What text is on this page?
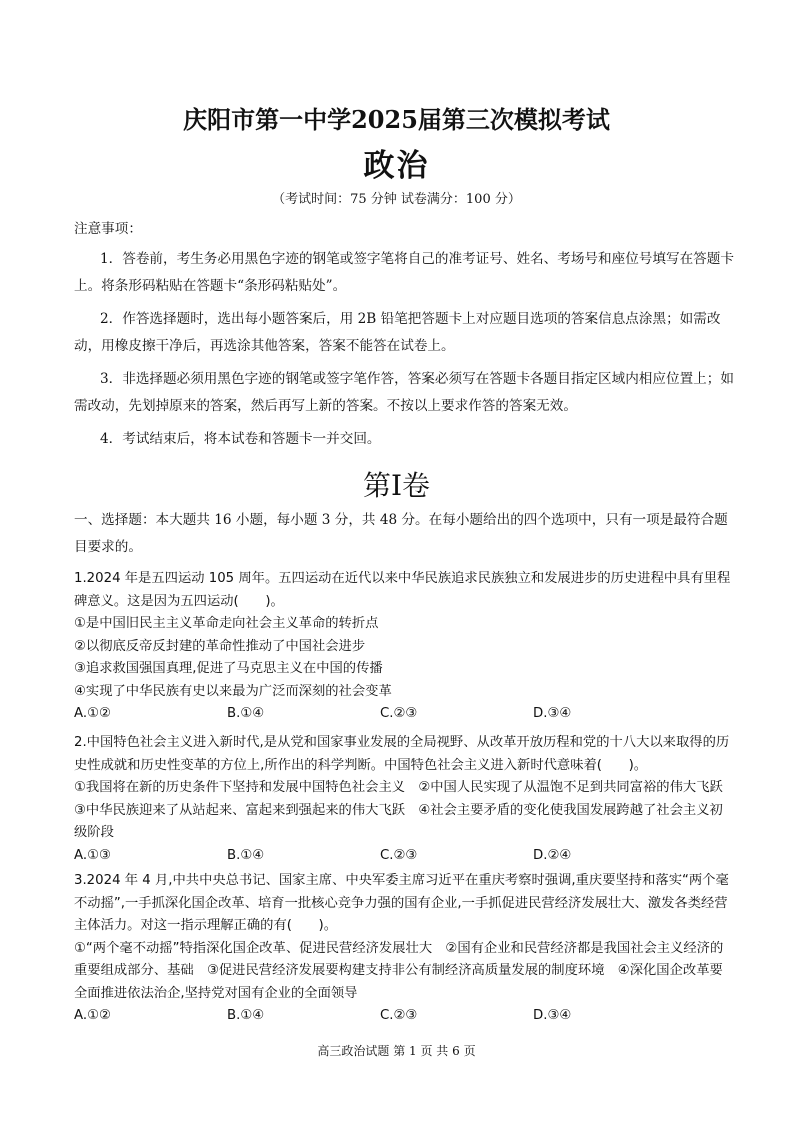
庆阳市第一中学2025届第三次模拟考试
政治
（考试时间：75 分钟 试卷满分：100 分）

注意事项：

1．答卷前，考生务必用黑色字迹的钢笔或签字笔将自己的准考证号、姓名、考场号和座位号填写在答题卡上。将条形码粘贴在答题卡“条形码粘贴处”。

2．作答选择题时，选出每小题答案后，用 2B 铅笔把答题卡上对应题目选项的答案信息点涂黑；如需改动，用橡皮擦干净后，再选涂其他答案，答案不能答在试卷上。

3．非选择题必须用黑色字迹的钢笔或签字笔作答，答案必须写在答题卡各题目指定区域内相应位置上；如需改动，先划掉原来的答案，然后再写上新的答案。不按以上要求作答的答案无效。

4．考试结束后，将本试卷和答题卡一并交回。

第Ⅰ卷
一、选择题：本大题共 16 小题，每小题 3 分，共 48 分。在每小题给出的四个选项中，只有一项是最符合题目要求的。

1.2024 年是五四运动 105 周年。五四运动在近代以来中华民族追求民族独立和发展进步的历史进程中具有里程碑意义。这是因为五四运动(　　)。

①是中国旧民主主义革命走向社会主义革命的转折点

②以彻底反帝反封建的革命性推动了中国社会进步

③追求救国强国真理,促进了马克思主义在中国的传播

④实现了中华民族有史以来最为广泛而深刻的社会变革

A.①②	B.①④	C.②③	D.③④

2.中国特色社会主义进入新时代,是从党和国家事业发展的全局视野、从改革开放历程和党的十八大以来取得的历史性成就和历史性变革的方位上,所作出的科学判断。中国特色社会主义进入新时代意味着(　　)。

①我国将在新的历史条件下坚持和发展中国特色社会主义　②中国人民实现了从温饱不足到共同富裕的伟大飞跃　③中华民族迎来了从站起来、富起来到强起来的伟大飞跃　④社会主要矛盾的变化使我国发展跨越了社会主义初级阶段

A.①③	B.①④	C.②③	D.②④

3.2024 年 4 月,中共中央总书记、国家主席、中央军委主席习近平在重庆考察时强调,重庆要坚持和落实“两个毫不动摇”,一手抓深化国企改革、培育一批核心竞争力强的国有企业,一手抓促进民营经济发展壮大、激发各类经营主体活力。对这一指示理解正确的有(　　)。

①“两个毫不动摇”特指深化国企改革、促进民营经济发展壮大　②国有企业和民营经济都是我国社会主义经济的重要组成部分、基础　③促进民营经济发展要构建支持非公有制经济高质量发展的制度环境　④深化国企改革要全面推进依法治企,坚持党对国有企业的全面领导

A.①②	B.①④	C.②③	D.③④
高三政治试题 第 1 页 共 6 页
